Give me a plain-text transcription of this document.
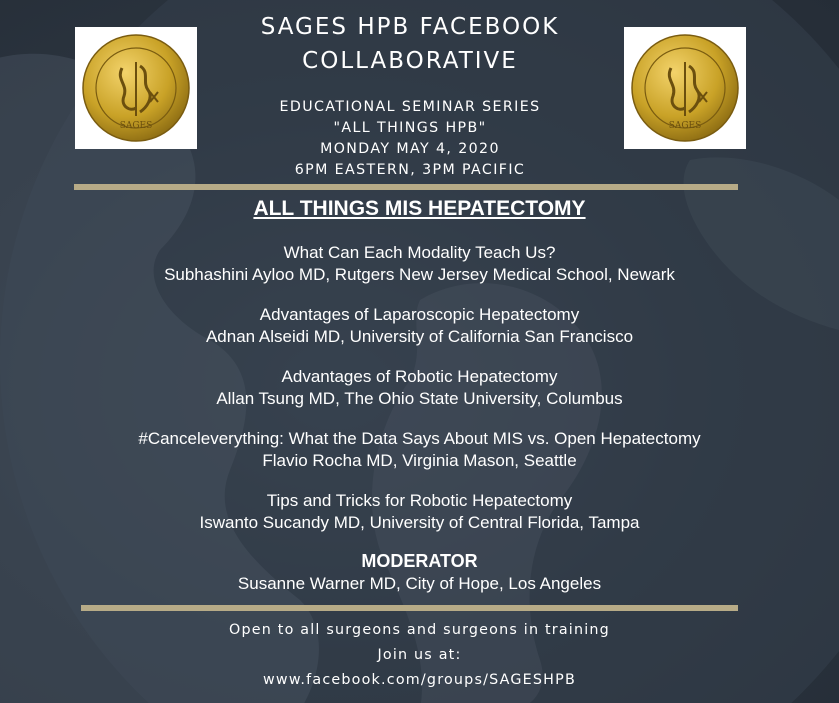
SAGES	SAGES
SAGES HPB FACEBOOK
COLLABORATIVE
EDUCATIONAL SEMINAR SERIES
"ALL THINGS HPB"
MONDAY MAY 4, 2020
6PM EASTERN, 3PM PACIFIC
ALL THINGS MIS HEPATECTOMY
What Can Each Modality Teach Us?
Subhashini Ayloo MD, Rutgers New Jersey Medical School, Newark
Advantages of Laparoscopic Hepatectomy
Adnan Alseidi MD, University of California San Francisco
Advantages of Robotic Hepatectomy
Allan Tsung MD, The Ohio State University, Columbus
#Canceleverything: What the Data Says About MIS vs. Open Hepatectomy
Flavio Rocha MD, Virginia Mason, Seattle
Tips and Tricks for Robotic Hepatectomy
Iswanto Sucandy MD, University of Central Florida, Tampa
MODERATOR
Susanne Warner MD, City of Hope, Los Angeles
Open to all surgeons and surgeons in training
Join us at:
www.facebook.com/groups/SAGESHPB
